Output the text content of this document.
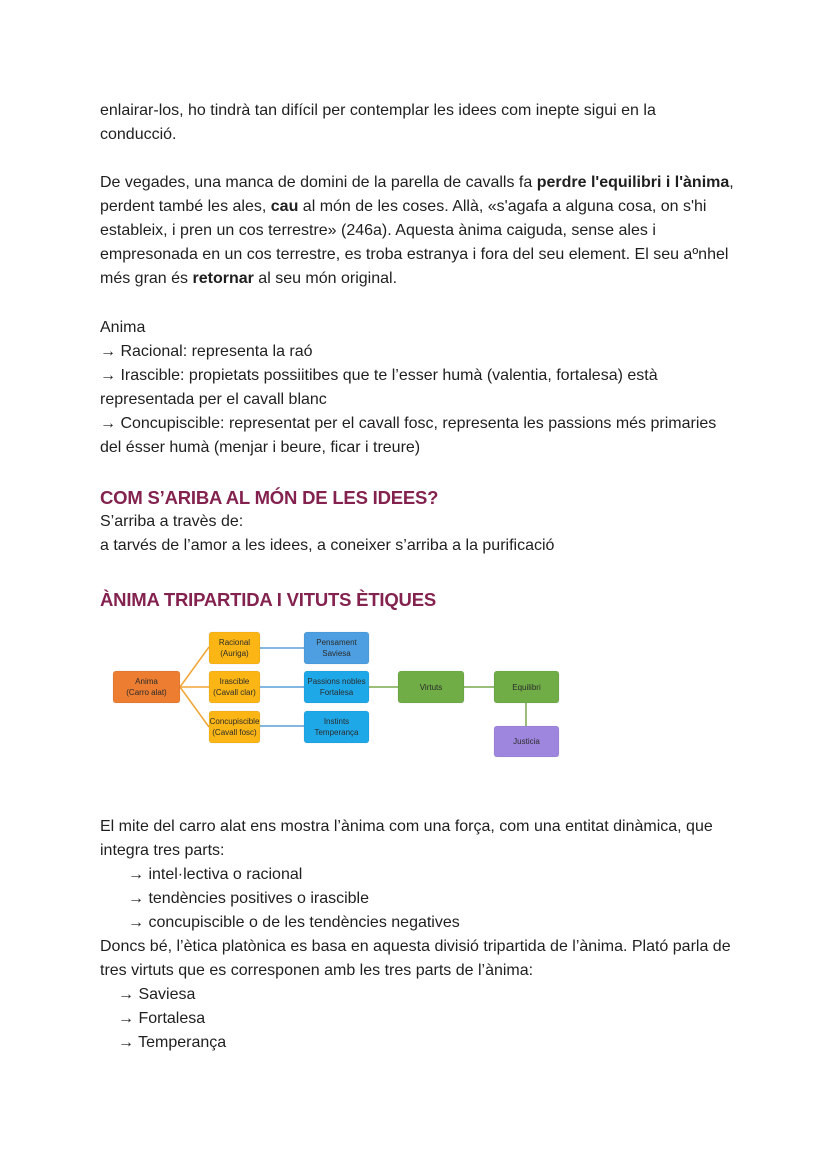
enlairar-los, ho tindrà tan difícil per contemplar les idees com inepte sigui en la

conducció.

De vegades, una manca de domini de la parella de cavalls fa perdre l'equilibri i l'ànima, perdent també les ales, cau al món de les coses. Allà, «s'agafa a alguna cosa, on s'hi estableix, i pren un cos terrestre» (246a). Aquesta ànima caiguda, sense ales i empresonada en un cos terrestre, es troba estranya i fora del seu element. El seu aºnhel més gran és retornar al seu món original.

Anima

→ Racional: representa la raó

→ Irascible: propietats possiitibes que te l’esser humà (valentia, fortalesa) està representada per el cavall blanc

→ Concupiscible: representat per el cavall fosc, representa les passions més primaries del ésser humà (menjar i beure, ficar i treure)

COM S’ARIBA AL MÓN DE LES IDEES?

S’arriba a travès de:

a tarvés de l’amor a les idees, a coneixer s’arriba a la purificació

ÀNIMA TRIPARTIDA I VITUTS ÈTIQUES

El mite del carro alat ens mostra l’ànima com una força, com una entitat dinàmica, que integra tres parts:

→ intel·lectiva o racional

→ tendències positives o irascible

→ concupiscible o de les tendències negatives

Doncs bé, l’ètica platònica es basa en aquesta divisió tripartida de l’ànima. Plató parla de tres virtuts que es corresponen amb les tres parts de l’ànima:

→ Saviesa

→ Fortalesa

→ Temperança

Anima
(Carro alat)
Racional
(Auriga)
Irascible
(Cavall clar)
Concupiscible
(Cavall fosc)
Pensament
Saviesa
Passions nobles
Fortalesa
Instints
Temperança
Virtuts	Equilibri
Justicia
